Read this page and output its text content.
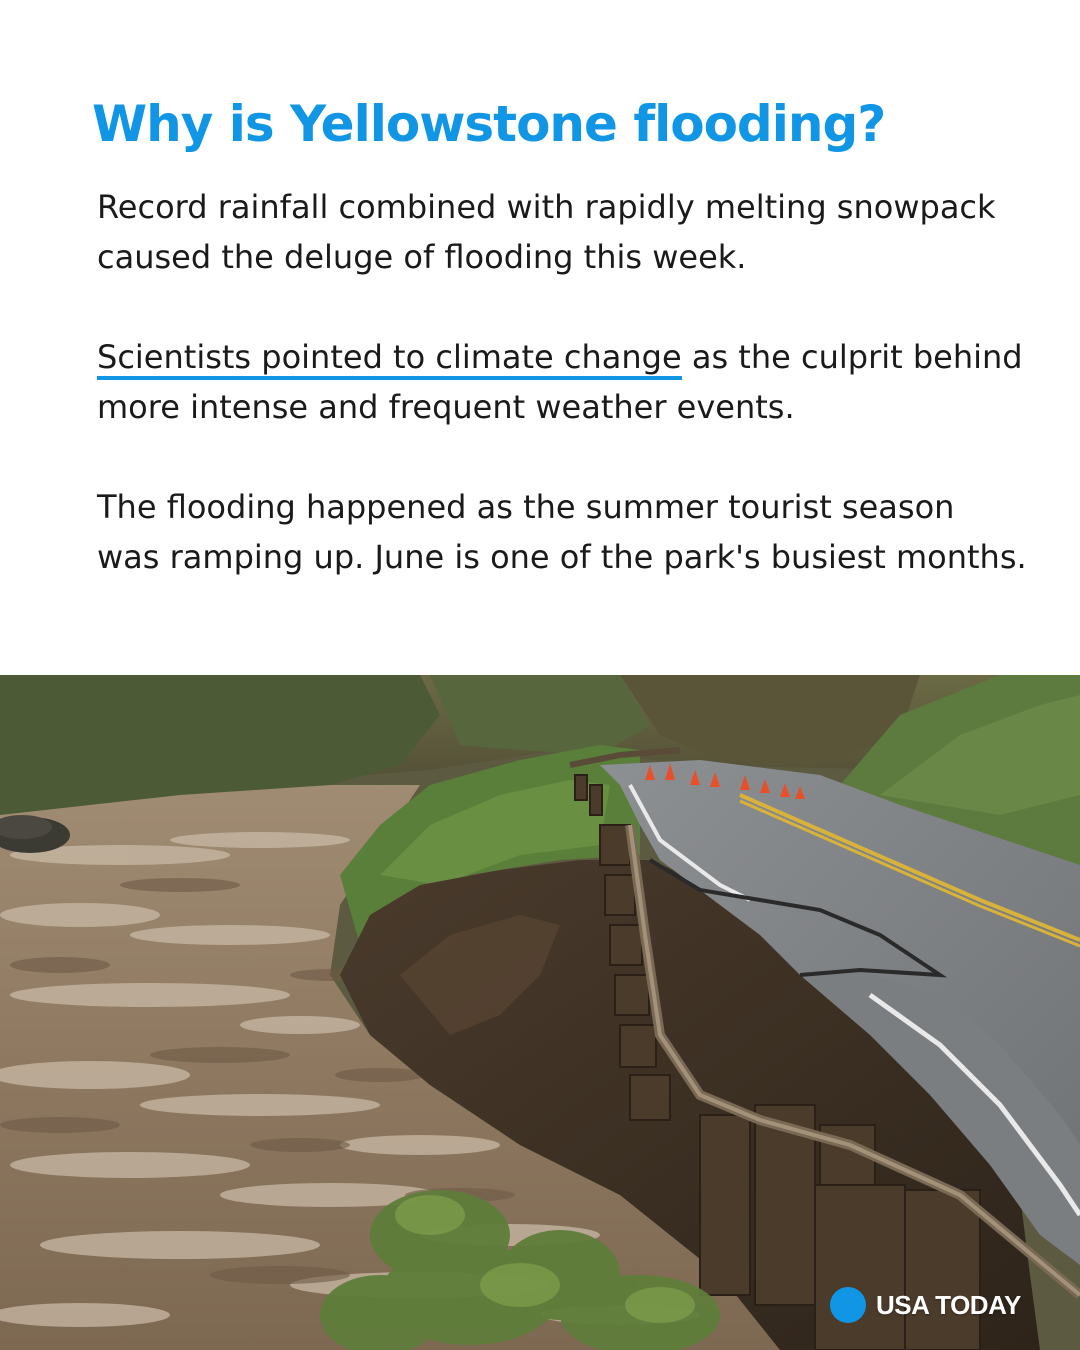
Why is Yellowstone flooding?

Record rainfall combined with rapidly melting snowpack caused the deluge of flooding this week.

Scientists pointed to climate change as the culprit behind more intense and frequent weather events.

The flooding happened as the summer tourist season was ramping up. June is one of the park's busiest months.

USA TODAY
